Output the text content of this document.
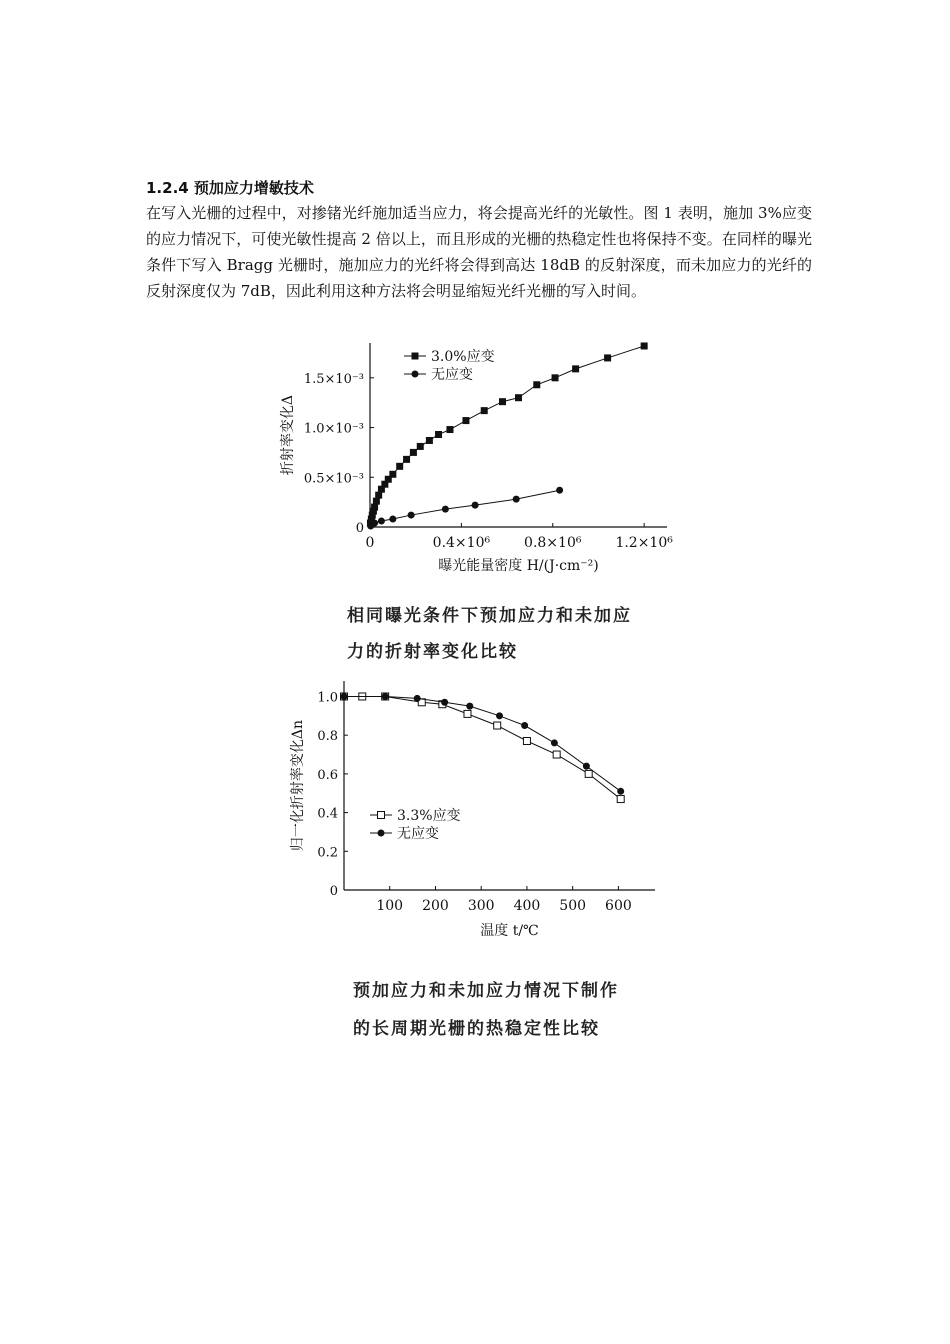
1.2.4 预加应力增敏技术

在写入光栅的过程中，对掺锗光纤施加适当应力，将会提高光纤的光敏性。图 1 表明，施加 3%应变的应力情况下，可使光敏性提高 2 倍以上，而且形成的光栅的热稳定性也将保持不变。在同样的曝光条件下写入 Bragg 光栅时，施加应力的光纤将会得到高达 18dB 的反射深度，而未加应力的光纤的反射深度仅为 7dB，因此利用这种方法将会明显缩短光纤光栅的写入时间。

曝光能量密度 H/(J·cm⁻²)
折射率变化Δ
0	0.4×10⁶ 0.8×10⁶ 1.2×10⁶
0
0.5×10⁻³
1.0×10⁻³
1.5×10⁻³
3.0%应变
无应变
温度 t/℃
归一化折射率变化Δn
100 200 300 400 500 600
0
0.2
0.4
0.6
0.8
1.0
3.3%应变
无应变
相同曝光条件下预加应力和未加应
力的折射率变化比较
预加应力和未加应力情况下制作
的长周期光栅的热稳定性比较
